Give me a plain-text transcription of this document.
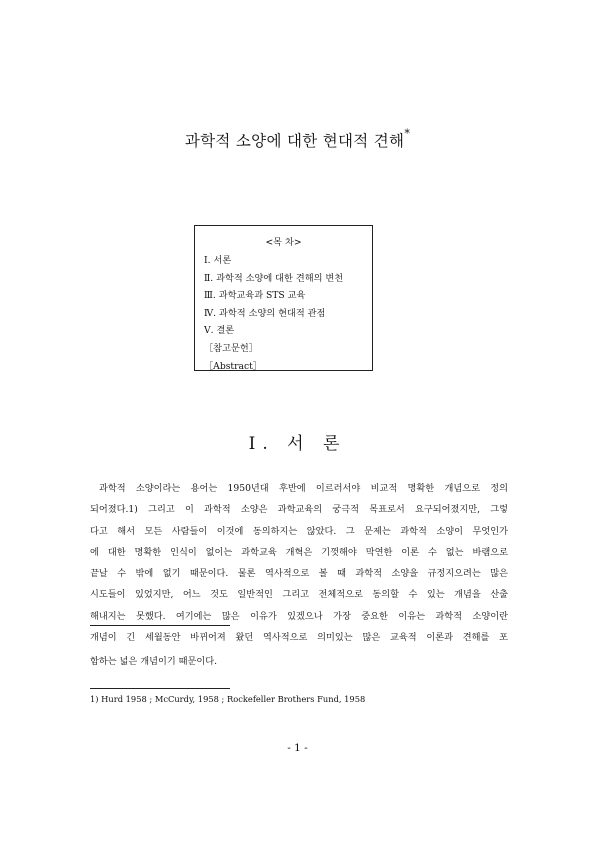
과학적 소양에 대한 현대적 견해*
<목 차>
Ⅰ. 서론
Ⅱ. 과학적 소양에 대한 견해의 변천
Ⅲ. 과학교육과 STS 교육
Ⅳ. 과학적 소양의 현대적 관점
Ⅴ. 결론
［참고문헌］
［Abstract］
Ⅰ. 서 론
과학적 소양이라는 용어는 1950년대 후반에 이르러서야 비교적 명확한 개념으로 정의
되어졌다.1) 그리고 이 과학적 소양은 과학교육의 궁극적 목표로서 요구되어졌지만, 그렇
다고 해서 모든 사람들이 이것에 동의하지는 않았다. 그 문제는 과학적 소양이 무엇인가
에 대한 명확한 인식이 없이는 과학교육 개혁은 기껏해야 막연한 이론 수 없는 바램으로
끝날 수 밖에 없기 때문이다. 물론 역사적으로 볼 때 과학적 소양을 규정지으려는 많은
시도들이 있었지만, 어느 것도 일반적인 그리고 전체적으로 동의할 수 있는 개념을 산출
해내지는 못했다. 여기에는 많은 이유가 있겠으나 가장 중요한 이유는 과학적 소양이란
개념이 긴 세월동안 바뀌어져 왔던 역사적으로 의미있는 많은 교육적 이론과 견해를 포
함하는 넓은 개념이기 때문이다.
1) Hurd 1958 ; McCurdy, 1958 ; Rockefeller Brothers Fund, 1958
- 1 -
